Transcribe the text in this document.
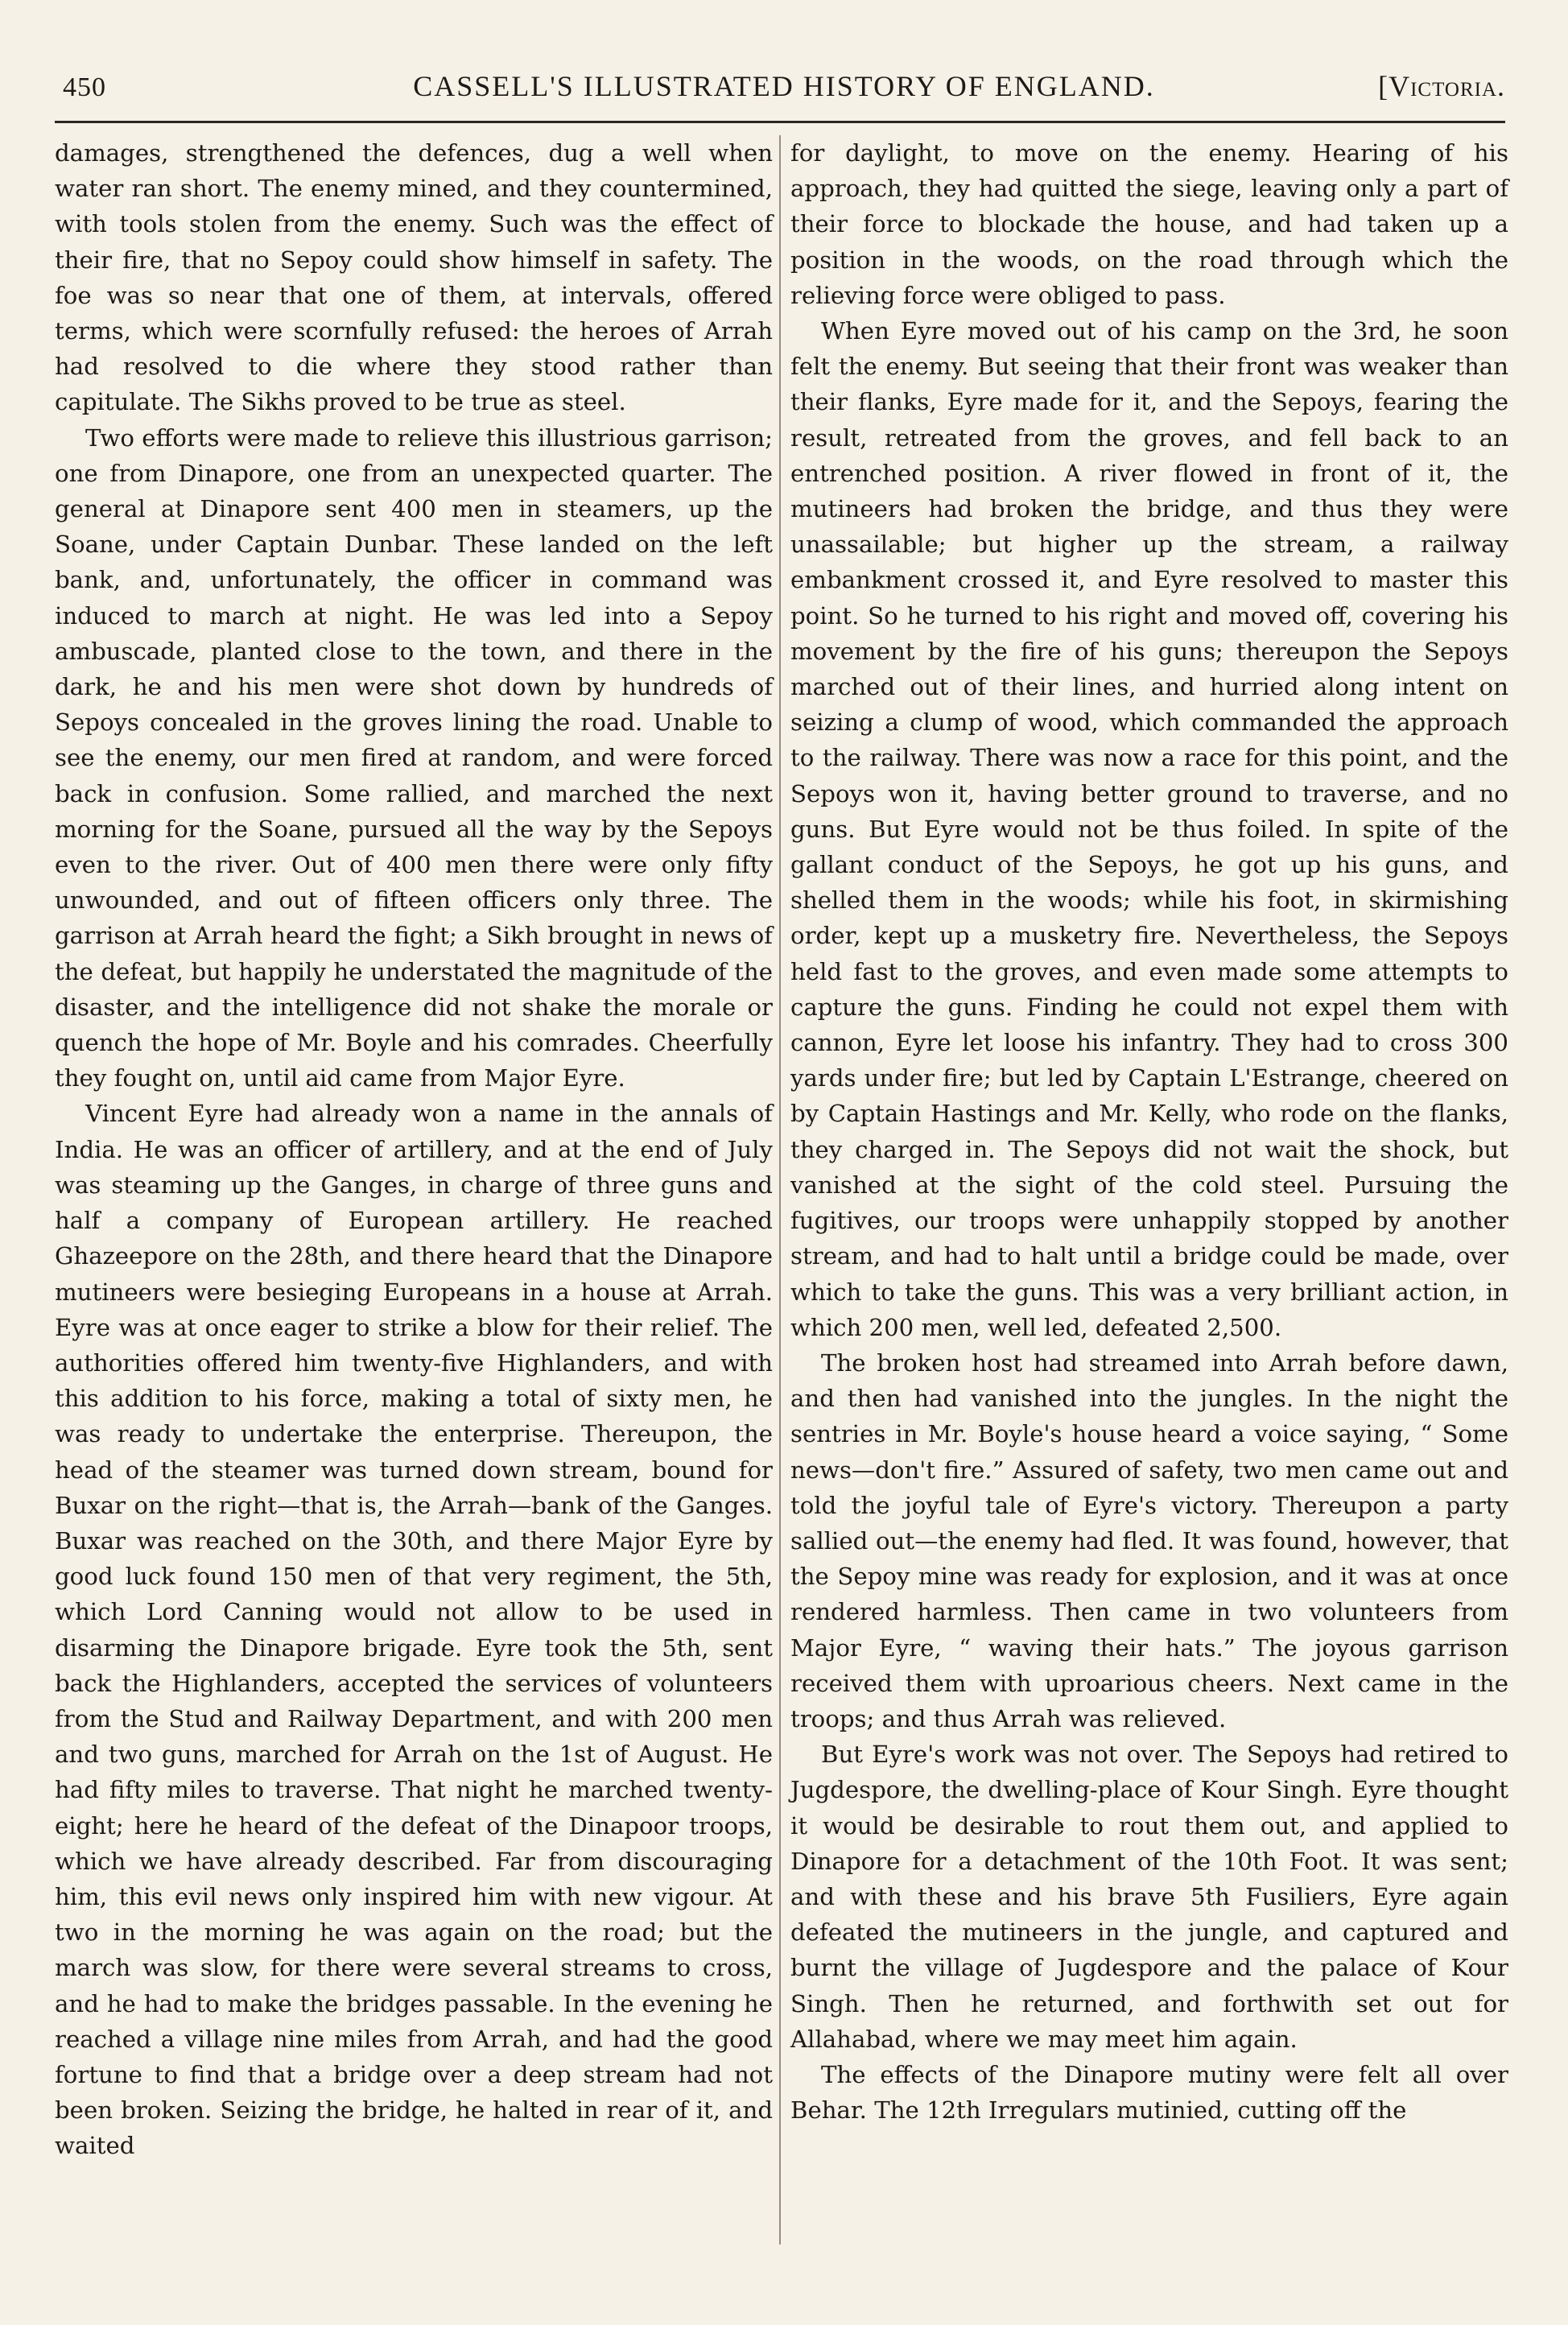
450	CASSELL'S ILLUSTRATED HISTORY OF ENGLAND.	[Victoria.

damages, strengthened the defences, dug a well when water ran short. The enemy mined, and they countermined, with tools stolen from the enemy. Such was the effect of their fire, that no Sepoy could show himself in safety. The foe was so near that one of them, at intervals, offered terms, which were scornfully refused: the heroes of Arrah had resolved to die where they stood rather than capitulate. The Sikhs proved to be true as steel.

Two efforts were made to relieve this illustrious garrison; one from Dinapore, one from an unexpected quarter. The general at Dinapore sent 400 men in steamers, up the Soane, under Captain Dunbar. These landed on the left bank, and, unfortunately, the officer in command was induced to march at night. He was led into a Sepoy ambuscade, planted close to the town, and there in the dark, he and his men were shot down by hundreds of Sepoys concealed in the groves lining the road. Unable to see the enemy, our men fired at random, and were forced back in confusion. Some rallied, and marched the next morning for the Soane, pursued all the way by the Sepoys even to the river. Out of 400 men there were only fifty unwounded, and out of fifteen officers only three. The garrison at Arrah heard the fight; a Sikh brought in news of the defeat, but happily he understated the magnitude of the disaster, and the intelligence did not shake the morale or quench the hope of Mr. Boyle and his comrades. Cheerfully they fought on, until aid came from Major Eyre.

Vincent Eyre had already won a name in the annals of India. He was an officer of artillery, and at the end of July was steaming up the Ganges, in charge of three guns and half a company of European artillery. He reached Ghazeepore on the 28th, and there heard that the Dinapore mutineers were besieging Europeans in a house at Arrah. Eyre was at once eager to strike a blow for their relief. The authorities offered him twenty-five Highlanders, and with this addition to his force, making a total of sixty men, he was ready to undertake the enterprise. Thereupon, the head of the steamer was turned down stream, bound for Buxar on the right—that is, the Arrah—bank of the Ganges. Buxar was reached on the 30th, and there Major Eyre by good luck found 150 men of that very regiment, the 5th, which Lord Canning would not allow to be used in disarming the Dinapore brigade. Eyre took the 5th, sent back the Highlanders, accepted the services of volunteers from the Stud and Railway Department, and with 200 men and two guns, marched for Arrah on the 1st of August. He had fifty miles to traverse. That night he marched twenty-eight; here he heard of the defeat of the Dinapoor troops, which we have already described. Far from discouraging him, this evil news only inspired him with new vigour. At two in the morning he was again on the road; but the march was slow, for there were several streams to cross, and he had to make the bridges passable. In the evening he reached a village nine miles from Arrah, and had the good fortune to find that a bridge over a deep stream had not been broken. Seizing the bridge, he halted in rear of it, and waited

for daylight, to move on the enemy. Hearing of his approach, they had quitted the siege, leaving only a part of their force to blockade the house, and had taken up a position in the woods, on the road through which the relieving force were obliged to pass.

When Eyre moved out of his camp on the 3rd, he soon felt the enemy. But seeing that their front was weaker than their flanks, Eyre made for it, and the Sepoys, fearing the result, retreated from the groves, and fell back to an entrenched position. A river flowed in front of it, the mutineers had broken the bridge, and thus they were unassailable; but higher up the stream, a railway embankment crossed it, and Eyre resolved to master this point. So he turned to his right and moved off, covering his movement by the fire of his guns; thereupon the Sepoys marched out of their lines, and hurried along intent on seizing a clump of wood, which commanded the approach to the railway. There was now a race for this point, and the Sepoys won it, having better ground to traverse, and no guns. But Eyre would not be thus foiled. In spite of the gallant conduct of the Sepoys, he got up his guns, and shelled them in the woods; while his foot, in skirmishing order, kept up a musketry fire. Nevertheless, the Sepoys held fast to the groves, and even made some attempts to capture the guns. Finding he could not expel them with cannon, Eyre let loose his infantry. They had to cross 300 yards under fire; but led by Captain L'Estrange, cheered on by Captain Hastings and Mr. Kelly, who rode on the flanks, they charged in. The Sepoys did not wait the shock, but vanished at the sight of the cold steel. Pursuing the fugitives, our troops were unhappily stopped by another stream, and had to halt until a bridge could be made, over which to take the guns. This was a very brilliant action, in which 200 men, well led, defeated 2,500.

The broken host had streamed into Arrah before dawn, and then had vanished into the jungles. In the night the sentries in Mr. Boyle's house heard a voice saying, “ Some news—don't fire.” Assured of safety, two men came out and told the joyful tale of Eyre's victory. Thereupon a party sallied out—the enemy had fled. It was found, however, that the Sepoy mine was ready for explosion, and it was at once rendered harmless. Then came in two volunteers from Major Eyre, “ waving their hats.” The joyous garrison received them with uproarious cheers. Next came in the troops; and thus Arrah was relieved.

But Eyre's work was not over. The Sepoys had retired to Jugdespore, the dwelling-place of Kour Singh. Eyre thought it would be desirable to rout them out, and applied to Dinapore for a detachment of the 10th Foot. It was sent; and with these and his brave 5th Fusiliers, Eyre again defeated the mutineers in the jungle, and captured and burnt the village of Jugdespore and the palace of Kour Singh. Then he returned, and forthwith set out for Allahabad, where we may meet him again.

The effects of the Dinapore mutiny were felt all over Behar. The 12th Irregulars mutinied, cutting off the
